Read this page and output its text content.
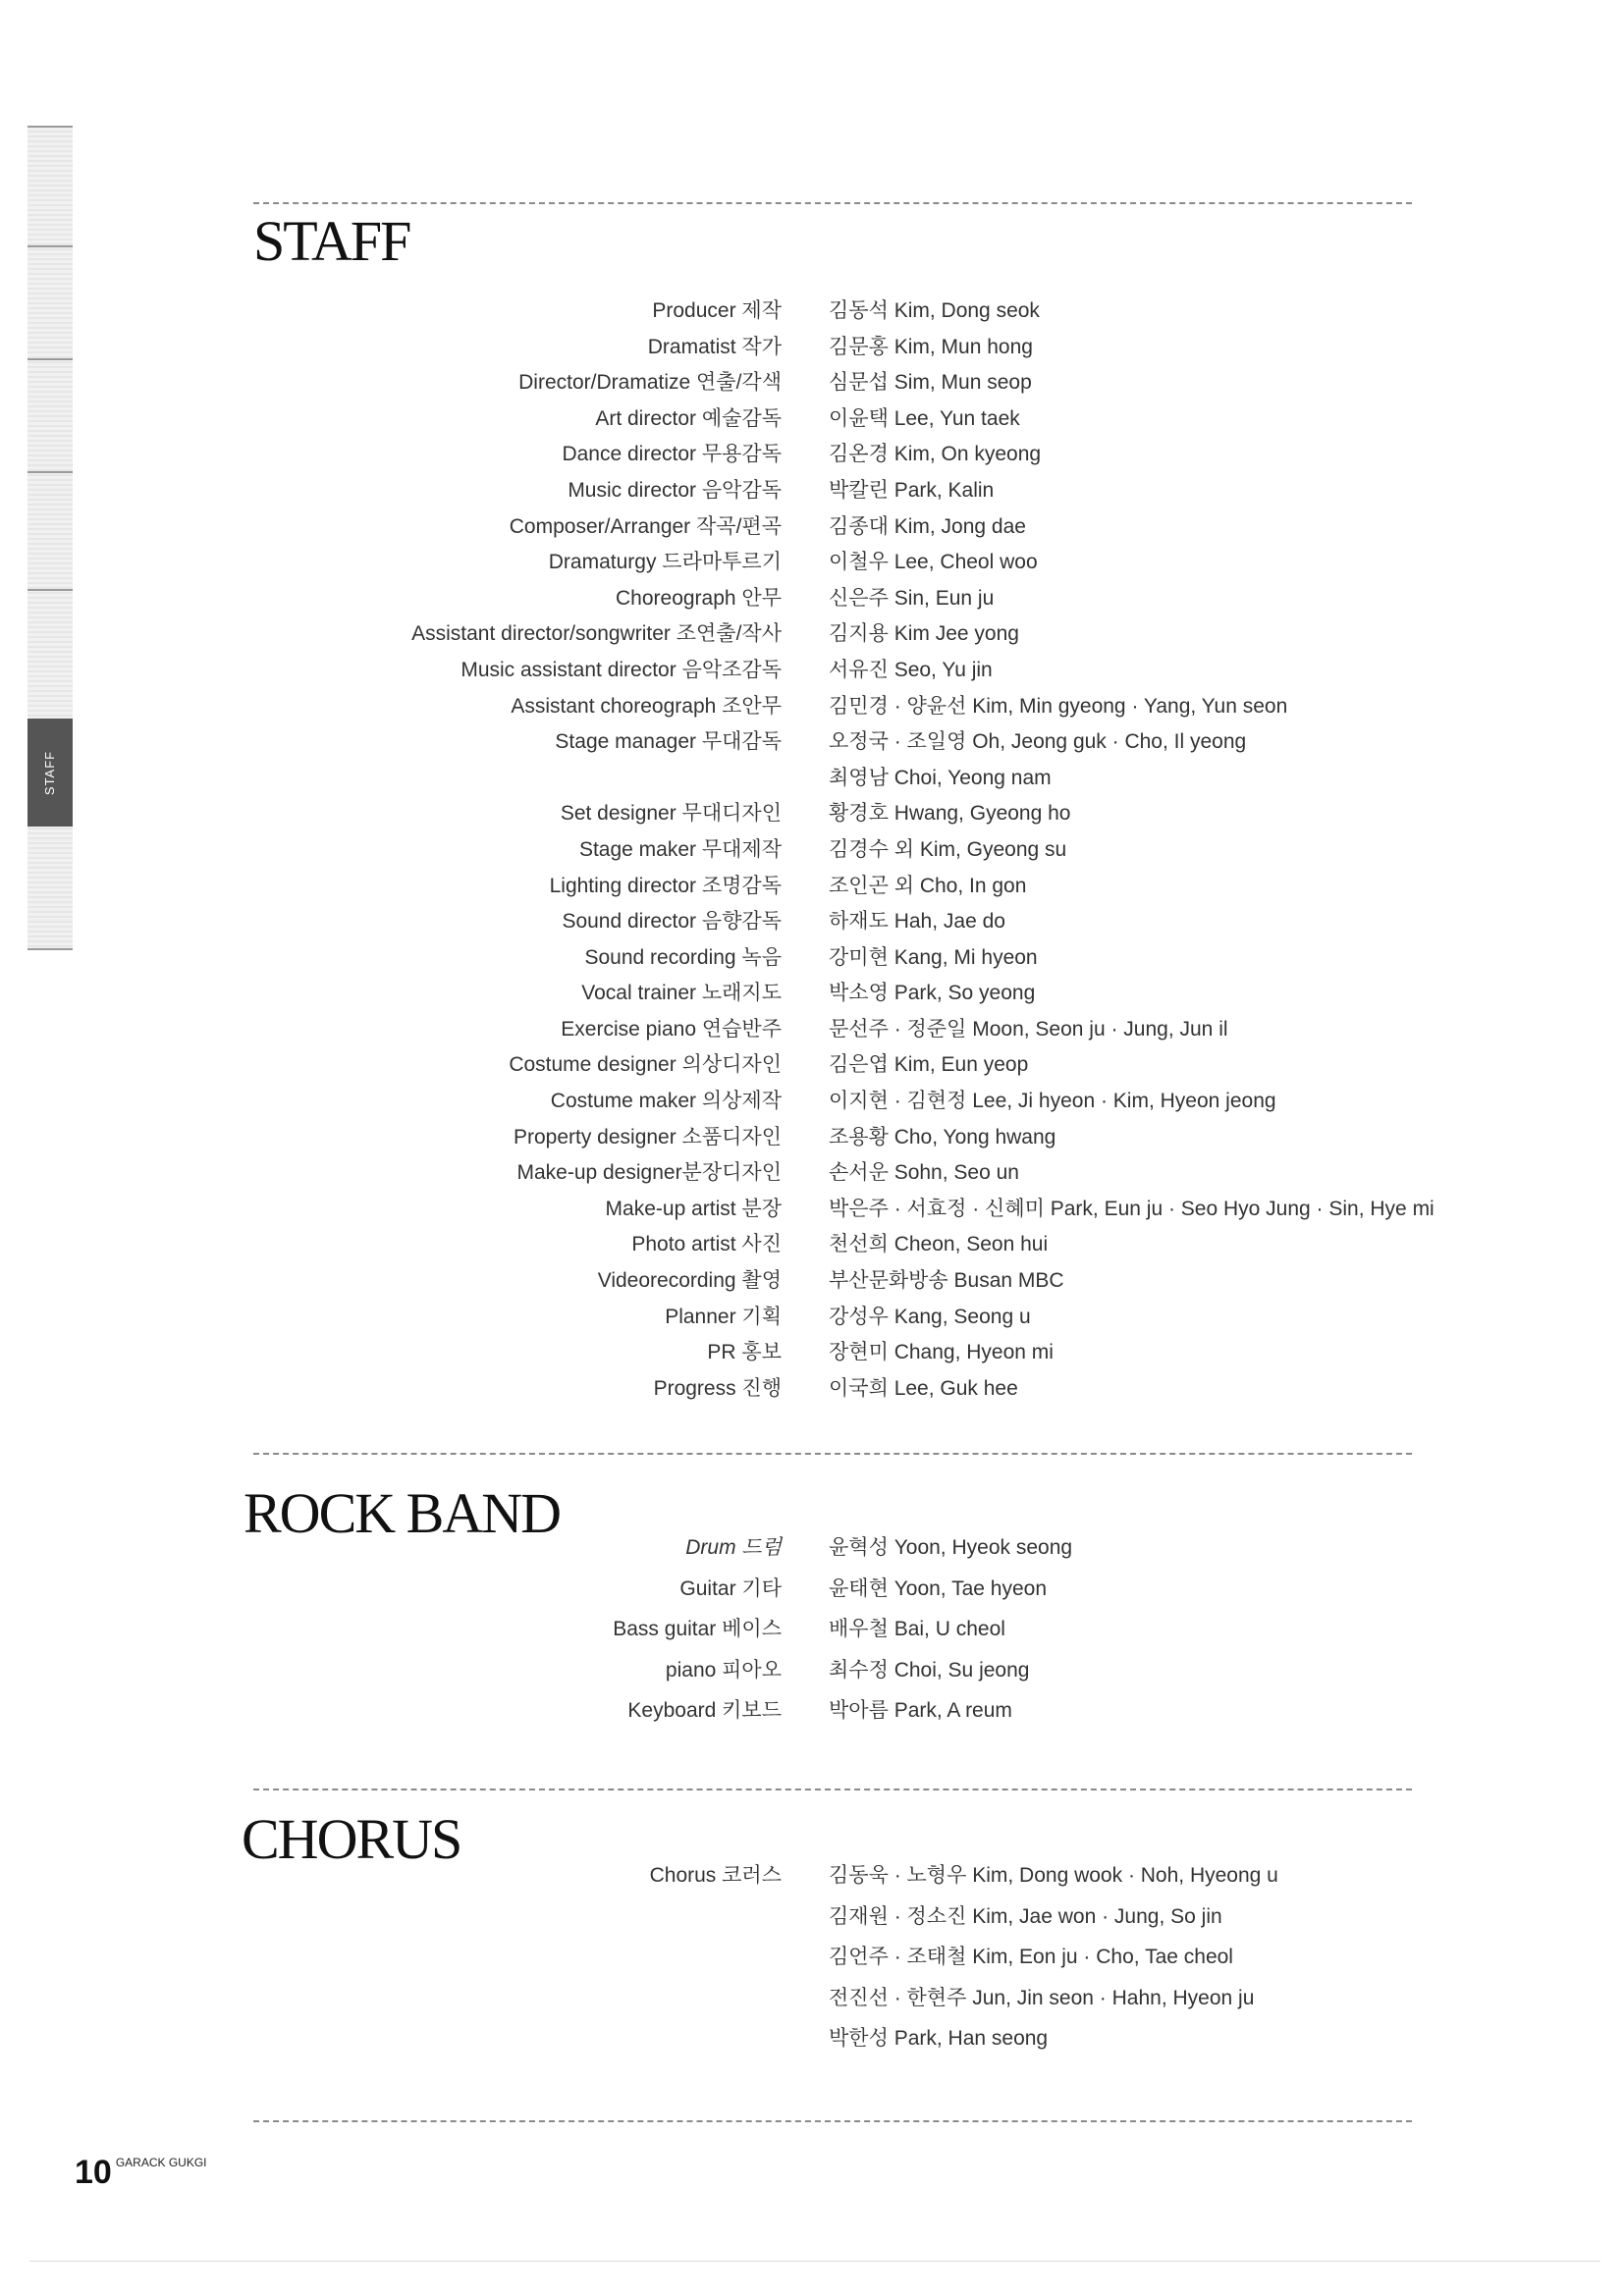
STAFF
STAFF
Producer 제작	김동석 Kim, Dong seok
Dramatist 작가	김문홍 Kim, Mun hong
Director/Dramatize 연출/각색	심문섭 Sim, Mun seop
Art director 예술감독	이윤택 Lee, Yun taek
Dance director 무용감독	김온경 Kim, On kyeong
Music director 음악감독	박칼린 Park, Kalin
Composer/Arranger 작곡/편곡	김종대 Kim, Jong dae
Dramaturgy 드라마투르기	이철우 Lee, Cheol woo
Choreograph 안무	신은주 Sin, Eun ju
Assistant director/songwriter 조연출/작사	김지용 Kim Jee yong
Music assistant director 음악조감독	서유진 Seo, Yu jin
Assistant choreograph 조안무	김민경 · 양윤선 Kim, Min gyeong · Yang, Yun seon
Stage manager 무대감독	오정국 · 조일영 Oh, Jeong guk · Cho, Il yeong
최영남 Choi, Yeong nam
Set designer 무대디자인	황경호 Hwang, Gyeong ho
Stage maker 무대제작	김경수 외 Kim, Gyeong su
Lighting director 조명감독	조인곤 외 Cho, In gon
Sound director 음향감독	하재도 Hah, Jae do
Sound recording 녹음	강미현 Kang, Mi hyeon
Vocal trainer 노래지도	박소영 Park, So yeong
Exercise piano 연습반주	문선주 · 정준일 Moon, Seon ju · Jung, Jun il
Costume designer 의상디자인	김은엽 Kim, Eun yeop
Costume maker 의상제작	이지현 · 김현정 Lee, Ji hyeon · Kim, Hyeon jeong
Property designer 소품디자인	조용황 Cho, Yong hwang
Make-up designer분장디자인	손서운 Sohn, Seo un
Make-up artist 분장	박은주 · 서효정 · 신혜미 Park, Eun ju · Seo Hyo Jung · Sin, Hye mi
Photo artist 사진	천선희 Cheon, Seon hui
Videorecording 촬영	부산문화방송 Busan MBC
Planner 기획	강성우 Kang, Seong u
PR 홍보	장현미 Chang, Hyeon mi
Progress 진행	이국희 Lee, Guk hee
ROCK BAND
Drum 드럼	윤혁성 Yoon, Hyeok seong
Guitar 기타	윤태현 Yoon, Tae hyeon
Bass guitar 베이스	배우철 Bai, U cheol
piano 피아오	최수정 Choi, Su jeong
Keyboard 키보드	박아름 Park, A reum
CHORUS
Chorus 코러스	김동욱 · 노형우 Kim, Dong wook · Noh, Hyeong u
김재원 · 정소진 Kim, Jae won · Jung, So jin
김언주 · 조태철 Kim, Eon ju · Cho, Tae cheol
전진선 · 한현주 Jun, Jin seon · Hahn, Hyeon ju
박한성 Park, Han seong
10 GARACK GUKGI
